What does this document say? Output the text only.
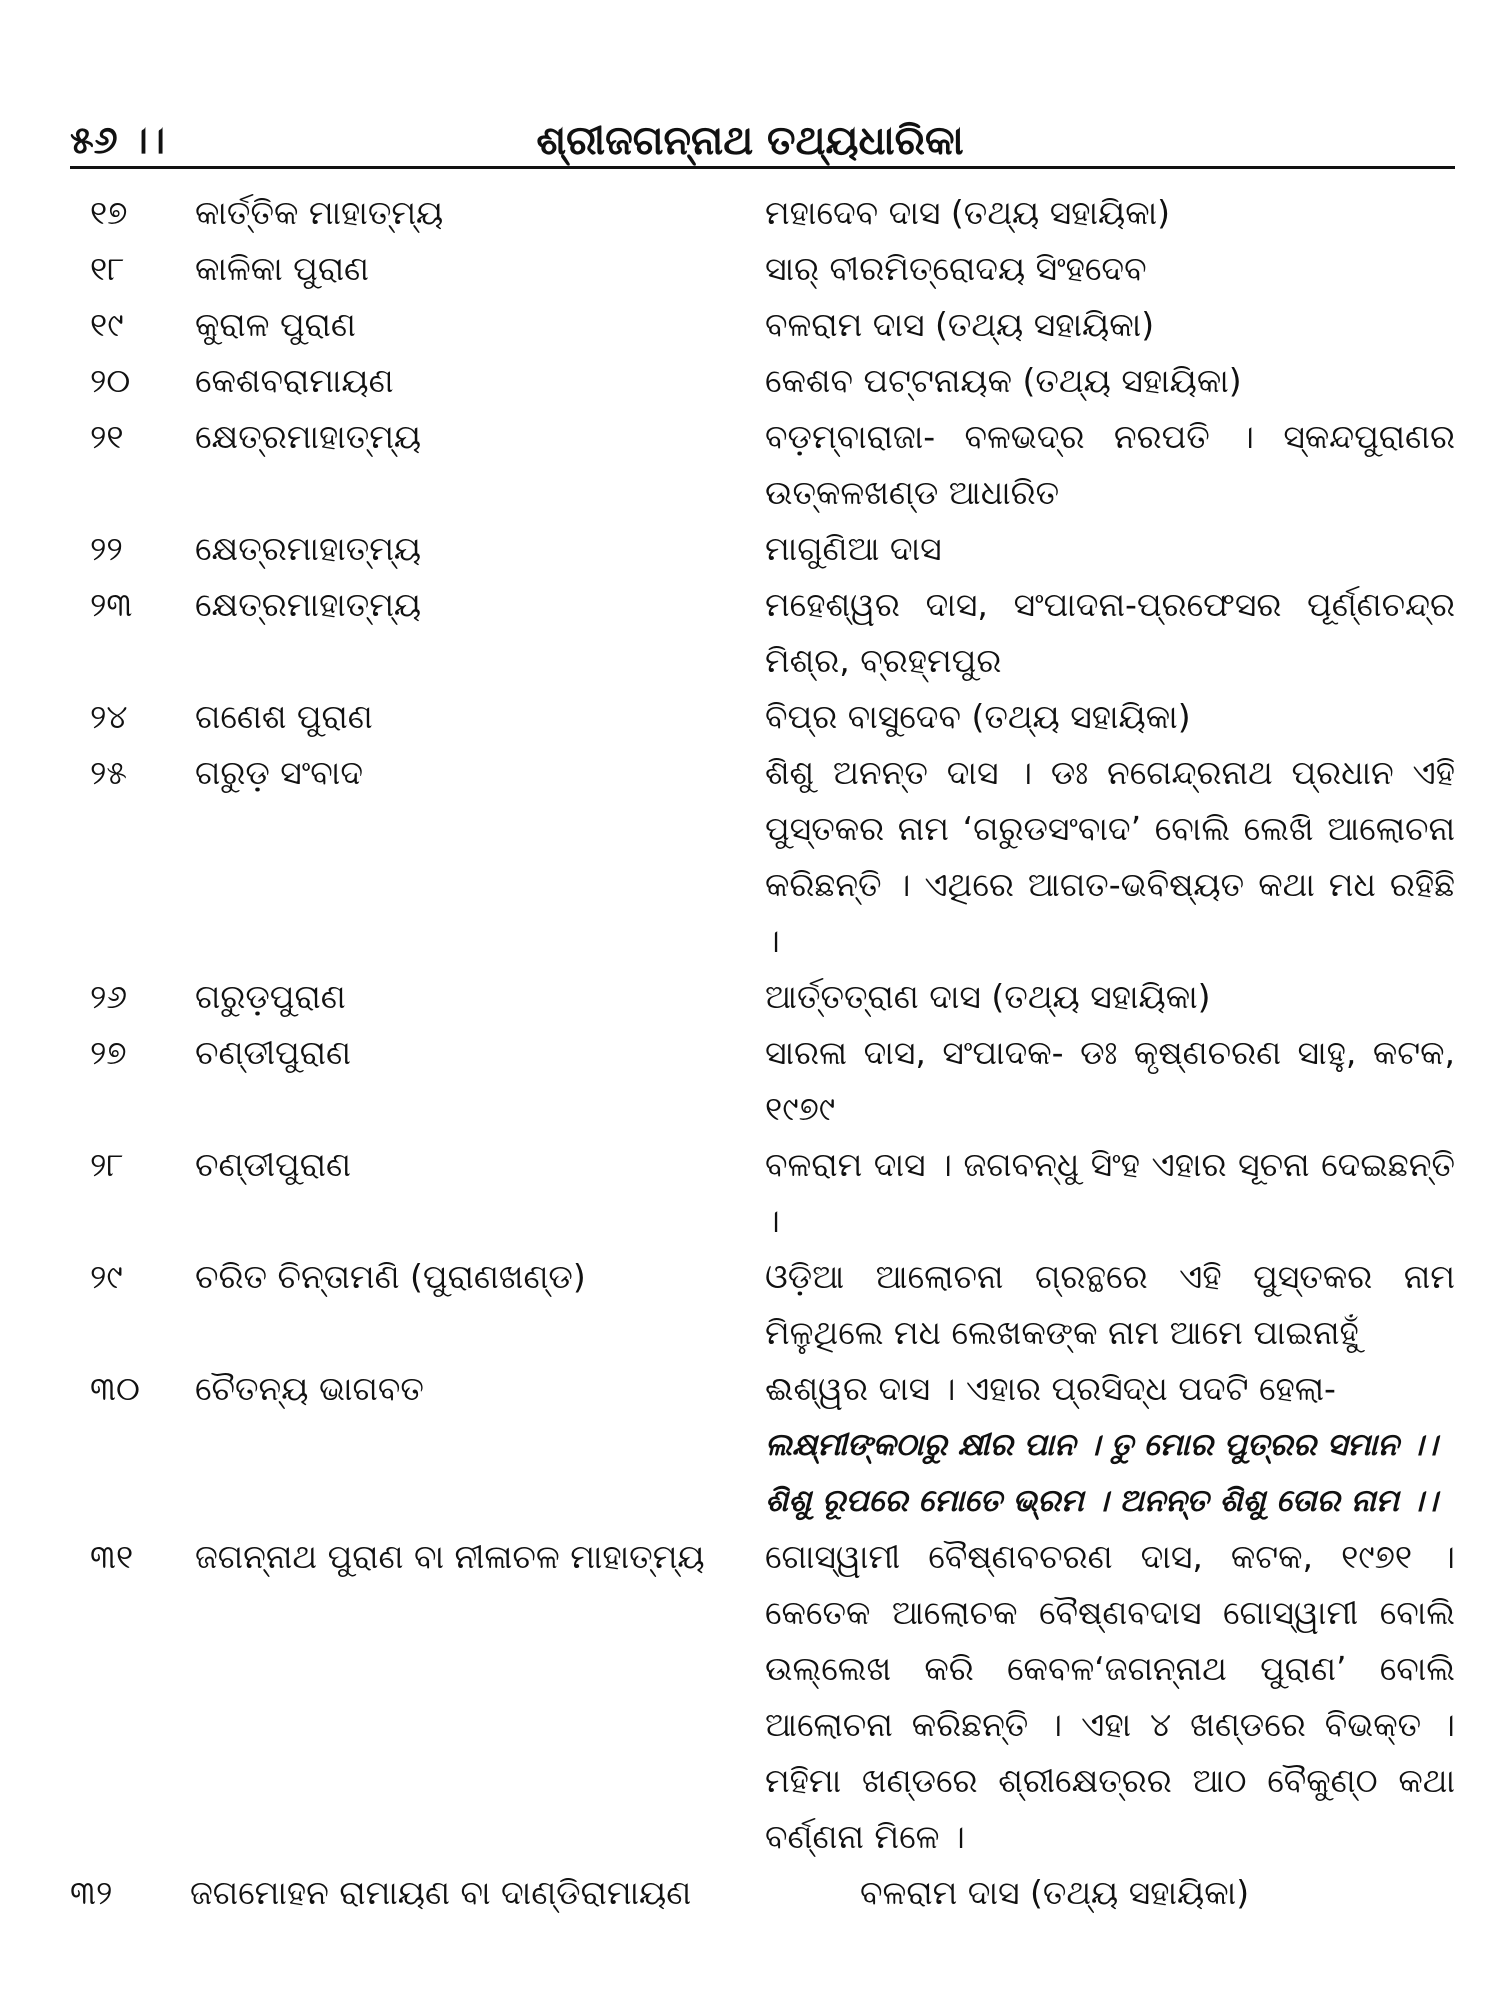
୫୬ ।।	ଶ୍ରୀଜଗନ୍ନାଥ ତଥ୍ୟଧାରିକା
୧୭	କାର୍ତ୍ତିକ ମାହାତ୍ମ୍ୟ	ମହାଦେବ ଦାସ (ତଥ୍ୟ ସହାୟିକା)
୧୮	କାଳିକା ପୁରାଣ	ସାର୍ ବୀରମିତ୍ରୋଦୟ ସିଂହଦେବ
୧୯	କୁରାଳ ପୁରାଣ	ବଳରାମ ଦାସ (ତଥ୍ୟ ସହାୟିକା)
୨୦	କେଶବରାମାୟଣ	କେଶବ ପଟ୍ଟନାୟକ (ତଥ୍ୟ ସହାୟିକା)
୨୧	କ୍ଷେତ୍ରମାହାତ୍ମ୍ୟ	ବଡ଼ମ୍ବାରାଜା- ବଳଭଦ୍ର ନରପତି । ସ୍କନ୍ଦପୁରାଣର ଉତ୍କଳଖଣ୍ଡ ଆଧାରିତ
୨୨	କ୍ଷେତ୍ରମାହାତ୍ମ୍ୟ	ମାଗୁଣିଆ ଦାସ
୨୩	କ୍ଷେତ୍ରମାହାତ୍ମ୍ୟ	ମହେଶ୍ୱର ଦାସ, ସଂପାଦନା-ପ୍ରଫେସର ପୂର୍ଣ୍ଣଚନ୍ଦ୍ର ମିଶ୍ର, ବ୍ରହ୍ମପୁର
୨୪	ଗଣେଶ ପୁରାଣ	ବିପ୍ର ବାସୁଦେବ (ତଥ୍ୟ ସହାୟିକା)
୨୫	ଗରୁଡ଼ ସଂବାଦ	ଶିଶୁ ଅନନ୍ତ ଦାସ । ଡଃ ନଗେନ୍ଦ୍ରନାଥ ପ୍ରଧାନ ଏହି ପୁସ୍ତକର ନାମ ‘ଗରୁଡସଂବାଦ’ ବୋଲି ଲେଖି ଆଲୋଚନା କରିଛନ୍ତି । ଏଥିରେ ଆଗତ-ଭବିଷ୍ୟତ କଥା ମଧ ରହିଛି ।
୨୬	ଗରୁଡ଼ପୁରାଣ	ଆର୍ତ୍ତତ୍ରାଣ ଦାସ (ତଥ୍ୟ ସହାୟିକା)
୨୭	ଚଣ୍ଡୀପୁରାଣ	ସାରଳା ଦାସ, ସଂପାଦକ- ଡଃ କୃଷ୍ଣଚରଣ ସାହୁ, କଟକ, ୧୯୭୯
୨୮	ଚଣ୍ଡୀପୁରାଣ	ବଳରାମ ଦାସ । ଜଗବନ୍ଧୁ ସିଂହ ଏହାର ସୂଚନା ଦେଇଛନ୍ତି ।
୨୯	ଚରିତ ଚିନ୍ତାମଣି (ପୁରାଣଖଣ୍ଡ)	ଓଡ଼ିଆ ଆଲୋଚନା ଗ୍ରନ୍ଥରେ ଏହି ପୁସ୍ତକର ନାମ ମିଳୁଥିଲେ ମଧ ଲେଖକଙ୍କ ନାମ ଆମେ ପାଇନାହୁଁ
୩୦	ଚୈତନ୍ୟ ଭାଗବତ	ଈଶ୍ୱର ଦାସ । ଏହାର ପ୍ରସିଦ୍ଧ ପଦଟି ହେଲା-
ଲକ୍ଷ୍ମୀଙ୍କଠାରୁ କ୍ଷୀର ପାନ । ତୁ ମୋର ପୁତ୍ରର ସମାନ ।।
ଶିଶୁ ରୂପରେ ମୋତେ ଭ୍ରମ । ଅନନ୍ତ ଶିଶୁ ତୋର ନାମ ।।
୩୧	ଜଗନ୍ନାଥ ପୁରାଣ ବା ନୀଳାଚଳ ମାହାତ୍ମ୍ୟ	ଗୋସ୍ୱାମୀ ବୈଷ୍ଣବଚରଣ ଦାସ, କଟକ, ୧୯୭୧ । କେତେକ ଆଲୋଚକ ବୈଷ୍ଣବଦାସ ଗୋସ୍ୱାମୀ ବୋଲି ଉଲ୍ଲେଖ କରି କେବଳ‘ଜଗନ୍ନାଥ ପୁରାଣ’ ବୋଲି ଆଲୋଚନା କରିଛନ୍ତି । ଏହା ୪ ଖଣ୍ଡରେ ବିଭକ୍ତ । ମହିମା ଖଣ୍ଡରେ ଶ୍ରୀକ୍ଷେତ୍ରର ଆଠ ବୈକୁଣ୍ଠ କଥା ବର୍ଣ୍ଣନା ମିଳେ ।
୩୨	ଜଗମୋହନ ରାମାୟଣ ବା ଦାଣ୍ଡିରାମାୟଣ	ବଳରାମ ଦାସ (ତଥ୍ୟ ସହାୟିକା)
